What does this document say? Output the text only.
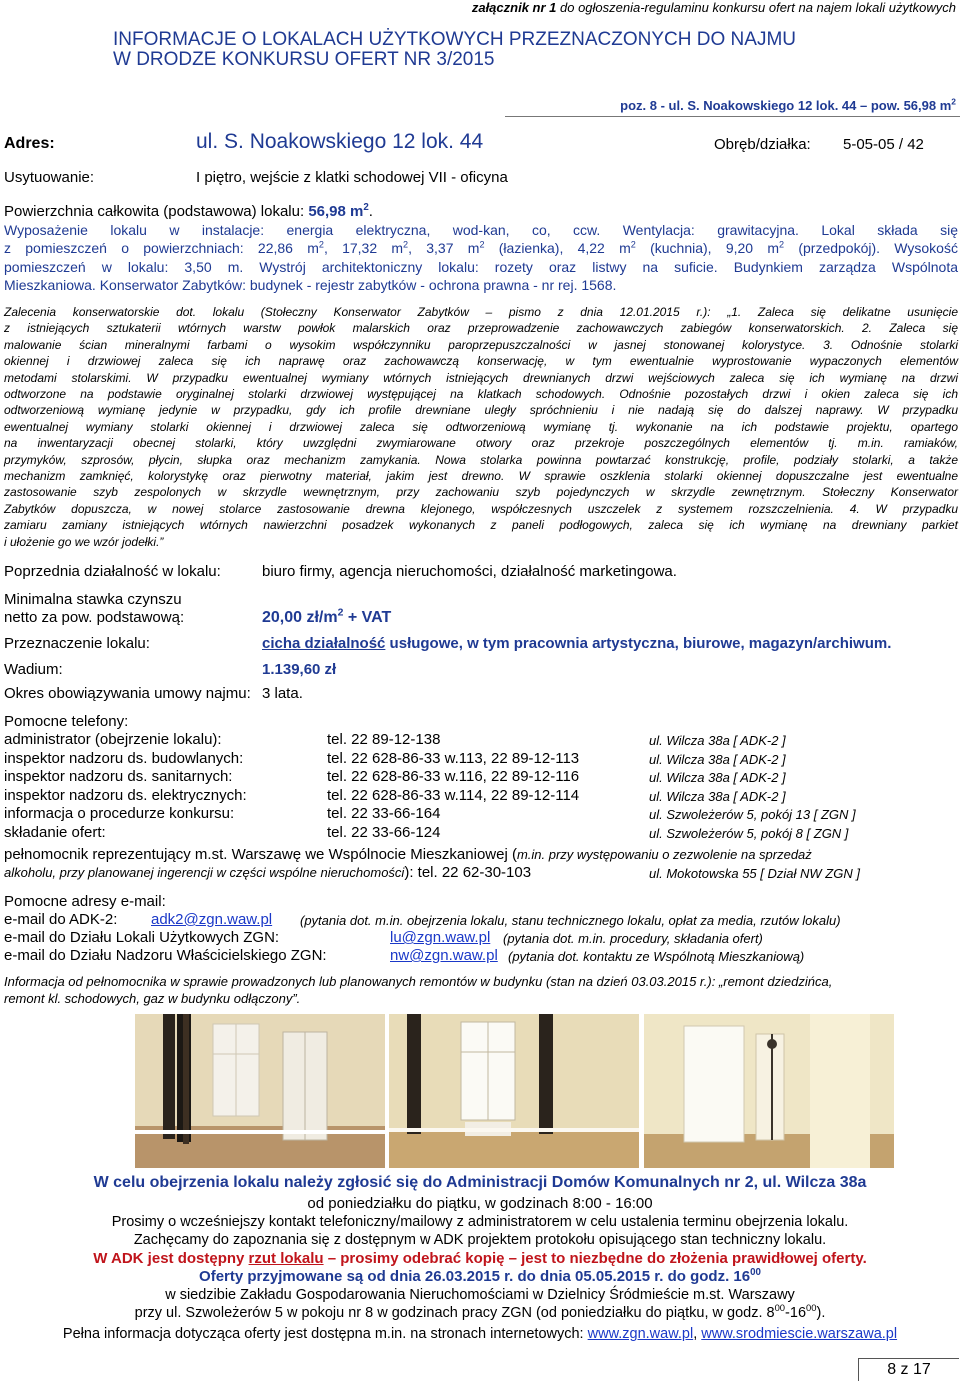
załącznik nr 1 do ogłoszenia-regulaminu konkursu ofert na najem lokali użytkowych
INFORMACJE O LOKALACH UŻYTKOWYCH PRZEZNACZONYCH DO NAJMU
W DRODZE KONKURSU OFERT NR 3/2015
poz. 8 - ul. S. Noakowskiego 12 lok. 44 – pow. 56,98 $m^2$
Adres:	ul. S. Noakowskiego 12 lok. 44	Obręb/działka: 5-05-05 / 42
Usytuowanie:	I piętro, wejście z klatki schodowej VII - oficyna
Powierzchnia całkowita (podstawowa) lokalu: 56,98 $m^2$.
Wyposażenie lokalu w instalacje: energia elektryczna, wod-kan, co, ccw. Wentylacja: grawitacyjna. Lokal składa się
z pomieszczeń o powierzchniach: 22,86 $m^2$, 17,32 $m^2$, 3,37 $m^2$ (łazienka), 4,22 $m^2$ (kuchnia), 9,20 $m^2$ (przedpokój). Wysokość
pomieszczeń w lokalu: 3,50 m. Wystrój architektoniczny lokalu: rozety oraz listwy na suficie. Budynkiem zarządza Wspólnota
Mieszkaniowa. Konserwator Zabytków: budynek - rejestr zabytków - ochrona prawna - nr rej. 1568.
Zalecenia konserwatorskie dot. lokalu (Stołeczny Konserwator Zabytków – pismo z dnia 12.01.2015 r.): „1. Zaleca się delikatne usunięcie
z istniejących sztukaterii wtórnych warstw powłok malarskich oraz przeprowadzenie zachowawczych zabiegów konserwatorskich. 2. Zaleca się
malowanie ścian mineralnymi farbami o wysokim współczynniku paroprzepuszczalności w jasnej stonowanej kolorystyce. 3. Odnośnie stolarki
okiennej i drzwiowej zaleca się ich naprawę oraz zachowawczą konserwację, w tym ewentualnie wyprostowanie wypaczonych elementów
metodami stolarskimi. W przypadku ewentualnej wymiany wtórnych istniejących drewnianych drzwi wejściowych zaleca się ich wymianę na drzwi
odtworzone na podstawie oryginalnej stolarki drzwiowej występującej na klatkach schodowych. Odnośnie pozostałych drzwi i okien zaleca się ich
odtworzeniową wymianę jedynie w przypadku, gdy ich profile drewniane uległy spróchnieniu i nie nadają się do dalszej naprawy. W przypadku
ewentualnej wymiany stolarki okiennej i drzwiowej zaleca się odtworzeniową wymianę tj. wykonanie na ich podstawie projektu, opartego
na inwentaryzacji obecnej stolarki, który uwzględni zwymiarowane otwory oraz przekroje poszczególnych elementów tj. m.in. ramiaków,
przymyków, szprosów, płycin, słupka oraz mechanizm zamykania. Nowa stolarka powinna powtarzać konstrukcję, profile, podziały stolarki, a także
mechanizm zamknięć, kolorystykę oraz pierwotny materiał, jakim jest drewno. W sprawie oszklenia stolarki okiennej dopuszczalne jest ewentualne
zastosowanie szyb zespolonych w skrzydle wewnętrznym, przy zachowaniu szyb pojedynczych w skrzydle zewnętrznym. Stołeczny Konserwator
Zabytków dopuszcza, w nowej stolarce zastosowanie drewna klejonego, współczesnych uszczelek z systemem rozszczelnienia. 4. W przypadku
zamiaru zamiany istniejących wtórnych nawierzchni posadzek wykonanych z paneli podłogowych, zaleca się ich wymianę na drewniany parkiet
i ułożenie go we wzór jodełki.”
Poprzednia działalność w lokalu:	biuro firmy, agencja nieruchomości, działalność marketingowa.
Minimalna stawka czynszu
netto za pow. podstawową:	20,00 $zł/m^2$ + VAT
Przeznaczenie lokalu:	cicha działalność usługowe, w tym pracownia artystyczna, biurowe, magazyn/archiwum.
Wadium:	1.139,60 zł
Okres obowiązywania umowy najmu: 3 lata.
Pomocne telefony:
administrator (obejrzenie lokalu):	tel. 22 89-12-138	ul. Wilcza 38a [ ADK-2 ]
inspektor nadzoru ds. budowlanych:	tel. 22 628-86-33 w.113, 22 89-12-113	ul. Wilcza 38a [ ADK-2 ]
inspektor nadzoru ds. sanitarnych:	tel. 22 628-86-33 w.116, 22 89-12-116	ul. Wilcza 38a [ ADK-2 ]
inspektor nadzoru ds. elektrycznych:	tel. 22 628-86-33 w.114, 22 89-12-114	ul. Wilcza 38a [ ADK-2 ]
informacja o procedurze konkursu:	tel. 22 33-66-164	ul. Szwoleżerów 5, pokój 13 [ ZGN ]
składanie ofert:	tel. 22 33-66-124	ul. Szwoleżerów 5, pokój 8 [ ZGN ]
pełnomocnik reprezentujący m.st. Warszawę we Wspólnocie Mieszkaniowej (m.in. przy występowaniu o zezwolenie na sprzedaż
alkoholu, przy planowanej ingerencji w części wspólne nieruchomości): tel. 22 62-30-103	ul. Mokotowska 55 [ Dział NW ZGN ]
Pomocne adresy e-mail:
e-mail do ADK-2: adk2@zgn.waw.pl (pytania dot. m.in. obejrzenia lokalu, stanu technicznego lokalu, opłat za media, rzutów lokalu)
e-mail do Działu Lokali Użytkowych ZGN:	lu@zgn.waw.pl (pytania dot. m.in. procedury, składania ofert)
e-mail do Działu Nadzoru Właścicielskiego ZGN:	nw@zgn.waw.pl (pytania dot. kontaktu ze Wspólnotą Mieszkaniową)
Informacja od pełnomocnika w sprawie prowadzonych lub planowanych remontów w budynku (stan na dzień 03.03.2015 r.): „remont dziedzińca,
remont kl. schodowych, gaz w budynku odłączony”.
W celu obejrzenia lokalu należy zgłosić się do Administracji Domów Komunalnych nr 2, ul. Wilcza 38a
od poniedziałku do piątku, w godzinach 8:00 - 16:00
Prosimy o wcześniejszy kontakt telefoniczny/mailowy z administratorem w celu ustalenia terminu obejrzenia lokalu.
Zachęcamy do zapoznania się z dostępnym w ADK projektem protokołu opisującego stan techniczny lokalu.
W ADK jest dostępny rzut lokalu – prosimy odebrać kopię – jest to niezbędne do złożenia prawidłowej oferty.
Oferty przyjmowane są od dnia 26.03.2015 r. do dnia 05.05.2015 r. do godz. $16^{00}$
w siedzibie Zakładu Gospodarowania Nieruchomościami w Dzielnicy Śródmieście m.st. Warszawy
przy ul. Szwoleżerów 5 w pokoju nr 8 w godzinach pracy ZGN (od poniedziałku do piątku, w godz. $8^{00}-16^{00}$).
Pełna informacja dotycząca oferty jest dostępna m.in. na stronach internetowych: www.zgn.waw.pl, www.srodmiescie.warszawa.pl
8 z 17
